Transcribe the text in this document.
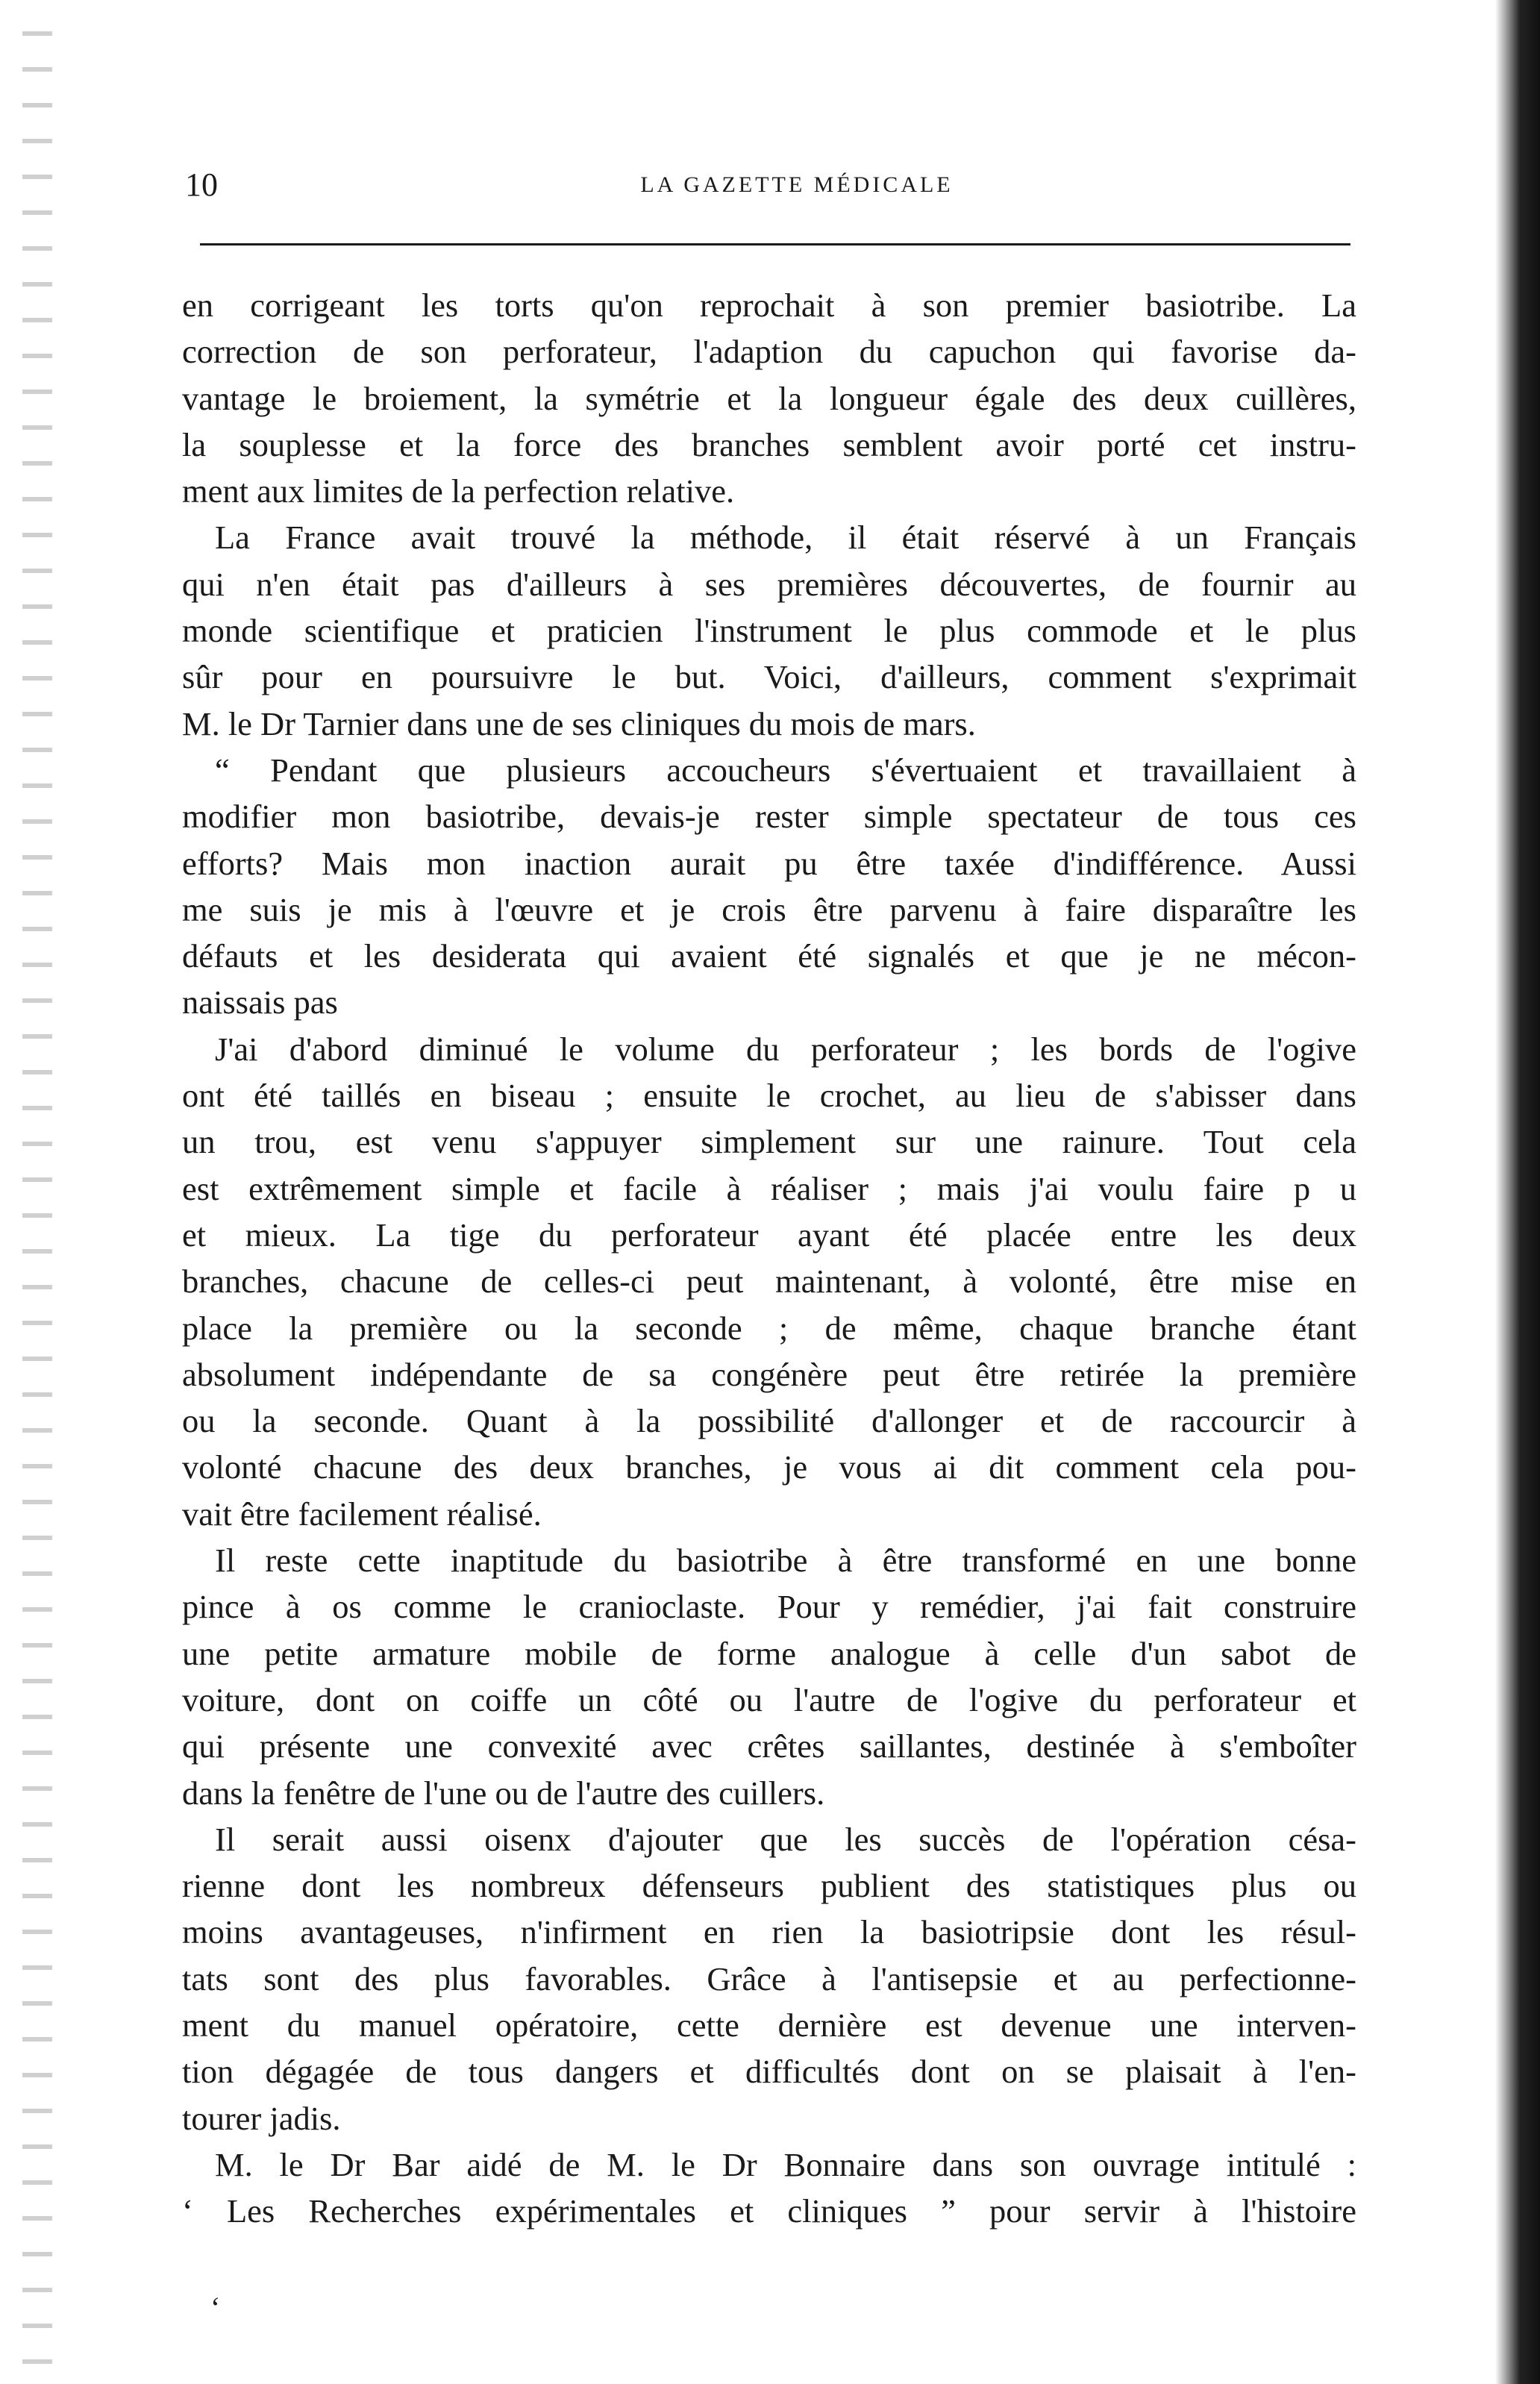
10	LA GAZETTE MÉDICALE
en corrigeant les torts qu'on reprochait à son premier basiotribe. La
correction de son perforateur, l'adaption du capuchon qui favorise da-
vantage le broiement, la symétrie et la longueur égale des deux cuillères,
la souplesse et la force des branches semblent avoir porté cet instru-
ment aux limites de la perfection relative.
La France avait trouvé la méthode, il était réservé à un Français
qui n'en était pas d'ailleurs à ses premières découvertes, de fournir au
monde scientifique et praticien l'instrument le plus commode et le plus
sûr pour en poursuivre le but. Voici, d'ailleurs, comment s'exprimait
M. le Dr Tarnier dans une de ses cliniques du mois de mars.
“ Pendant que plusieurs accoucheurs s'évertuaient et travaillaient à
modifier mon basiotribe, devais-je rester simple spectateur de tous ces
efforts? Mais mon inaction aurait pu être taxée d'indifférence. Aussi
me suis je mis à l'œuvre et je crois être parvenu à faire disparaître les
défauts et les desiderata qui avaient été signalés et que je ne mécon-
naissais pas
J'ai d'abord diminué le volume du perforateur ; les bords de l'ogive
ont été taillés en biseau ; ensuite le crochet, au lieu de s'abisser dans
un trou, est venu s'appuyer simplement sur une rainure. Tout cela
est extrêmement simple et facile à réaliser ; mais j'ai voulu faire p u
et mieux. La tige du perforateur ayant été placée entre les deux
branches, chacune de celles-ci peut maintenant, à volonté, être mise en
place la première ou la seconde ; de même, chaque branche étant
absolument indépendante de sa congénère peut être retirée la première
ou la seconde. Quant à la possibilité d'allonger et de raccourcir à
volonté chacune des deux branches, je vous ai dit comment cela pou-
vait être facilement réalisé.
Il reste cette inaptitude du basiotribe à être transformé en une bonne
pince à os comme le cranioclaste. Pour y remédier, j'ai fait construire
une petite armature mobile de forme analogue à celle d'un sabot de
voiture, dont on coiffe un côté ou l'autre de l'ogive du perforateur et
qui présente une convexité avec crêtes saillantes, destinée à s'emboîter
dans la fenêtre de l'une ou de l'autre des cuillers.
Il serait aussi oisenx d'ajouter que les succès de l'opération césa-
rienne dont les nombreux défenseurs publient des statistiques plus ou
moins avantageuses, n'infirment en rien la basiotripsie dont les résul-
tats sont des plus favorables. Grâce à l'antisepsie et au perfectionne-
ment du manuel opératoire, cette dernière est devenue une interven-
tion dégagée de tous dangers et difficultés dont on se plaisait à l'en-
tourer jadis.
M. le Dr Bar aidé de M. le Dr Bonnaire dans son ouvrage intitulé :
‘ Les Recherches expérimentales et cliniques ” pour servir à l'histoire
‘
